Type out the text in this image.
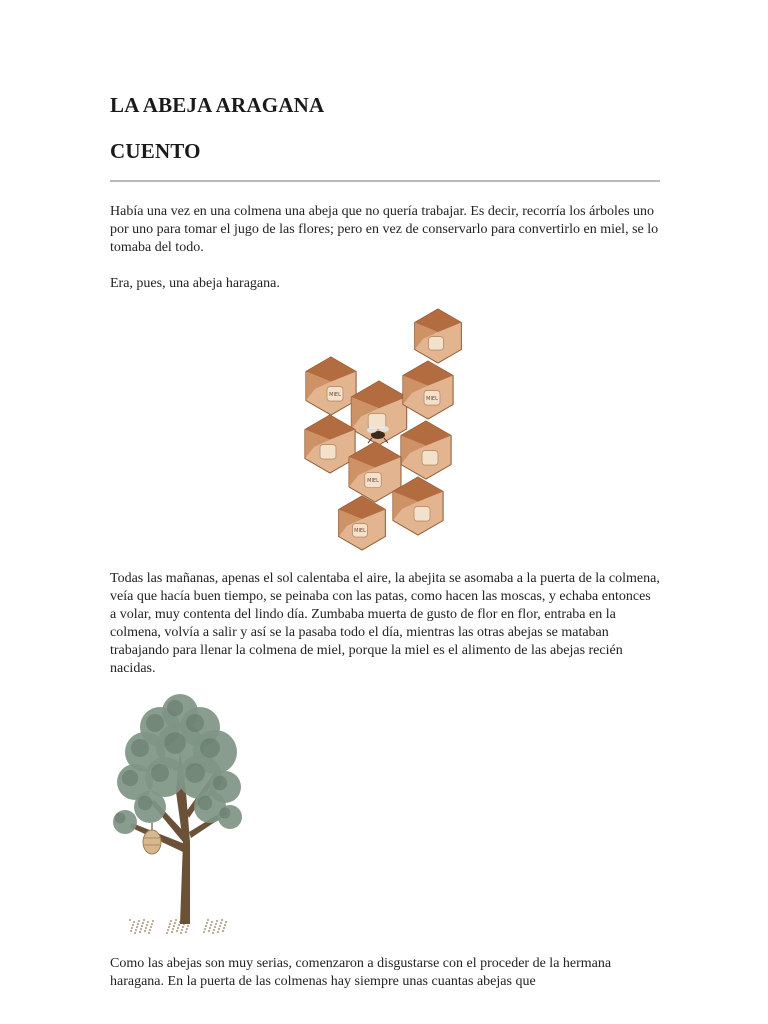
LA ABEJA ARAGANA
CUENTO

Había una vez en una colmena una abeja que no quería trabajar. Es decir, recorría los árboles uno por uno para tomar el jugo de las flores; pero en vez de conservarlo para convertirlo en miel, se lo tomaba del todo.

Era, pues, una abeja haragana.

MIEL
MIEL
MIEL
MIEL

Todas las mañanas, apenas el sol calentaba el aire, la abejita se asomaba a la puerta de la colmena, veía que hacía buen tiempo, se peinaba con las patas, como hacen las moscas, y echaba entonces a volar, muy contenta del lindo día. Zumbaba muerta de gusto de flor en flor, entraba en la colmena, volvía a salir y así se la pasaba todo el día, mientras las otras abejas se mataban trabajando para llenar la colmena de miel, porque la miel es el alimento de las abejas recién nacidas.

Como las abejas son muy serias, comenzaron a disgustarse con el proceder de la hermana haragana. En la puerta de las colmenas hay siempre unas cuantas abejas que
